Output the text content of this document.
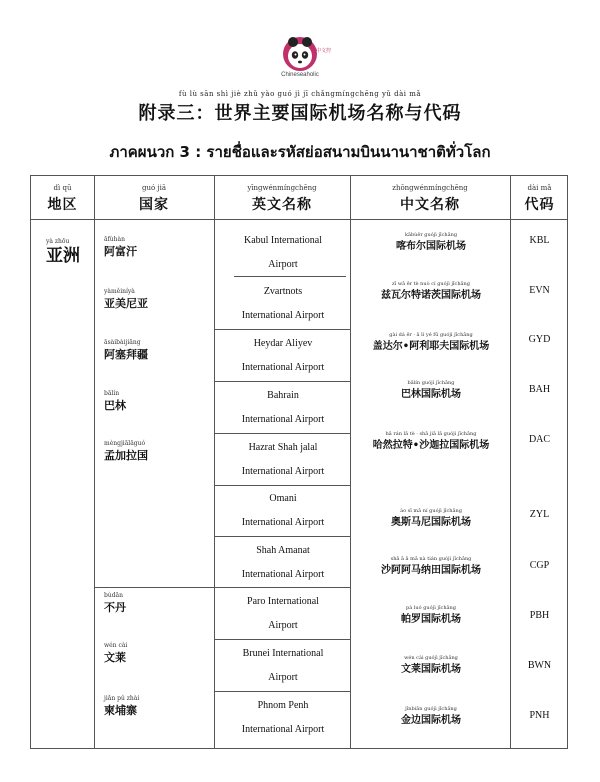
中文控
Chineseaholic
fù lù sān shì jiè zhǔ yào guó jì jī chǎngmíngchēng yǔ dài mǎ
附录三：世界主要国际机场名称与代码
ภาคผนวก 3 : รายชื่อและรหัสย่อสนามบินนานาชาติทั่วโลก
dì qū
地区
guó jiā
国家
yīngwénmíngchēng
英文名称
zhōngwénmíngchēng
中文名称
dài mǎ
代码
yà zhōu
亚洲
āfùhàn
阿富汗
yàměiníyà
亚美尼亚
āsàibàijiāng
阿塞拜疆
bālín
巴林
mèngjiālāguó
孟加拉国
bùdān
不丹
wén cài
文莱
jiǎn pǔ zhài
柬埔寨
Kabul International
Airport
Zvartnots
International Airport
Heydar Aliyev
International Airport
Bahrain
International Airport
Hazrat Shah jalal
International Airport
Omani
International Airport
Shah Amanat
International Airport
Paro International
Airport
Brunei International
Airport
Phnom Penh
International Airport
kābùěr guójì jīchǎng
喀布尔国际机场
zī wǎ ěr tè nuò cí guójì jīchǎng
兹瓦尔特诺茨国际机场
gài dá ěr · ā lì yé fū guójì jīchǎng
盖达尔•阿利耶夫国际机场
bālín guójì jīchǎng
巴林国际机场
hā rán lā tè · shā jiā lā guójì jīchǎng
哈然拉特•沙迦拉国际机场
ào sī mǎ ní guójì jīchǎng
奥斯马尼国际机场
shā ā ā mǎ nà tián guójì jīchǎng
沙阿阿马纳田国际机场
pà luó guójì jīchǎng
帕罗国际机场
wén cài guójì jīchǎng
文莱国际机场
jīnbiān guójì jīchǎng
金边国际机场
KBL
EVN
GYD
BAH
DAC
ZYL
CGP
PBH
BWN
PNH
